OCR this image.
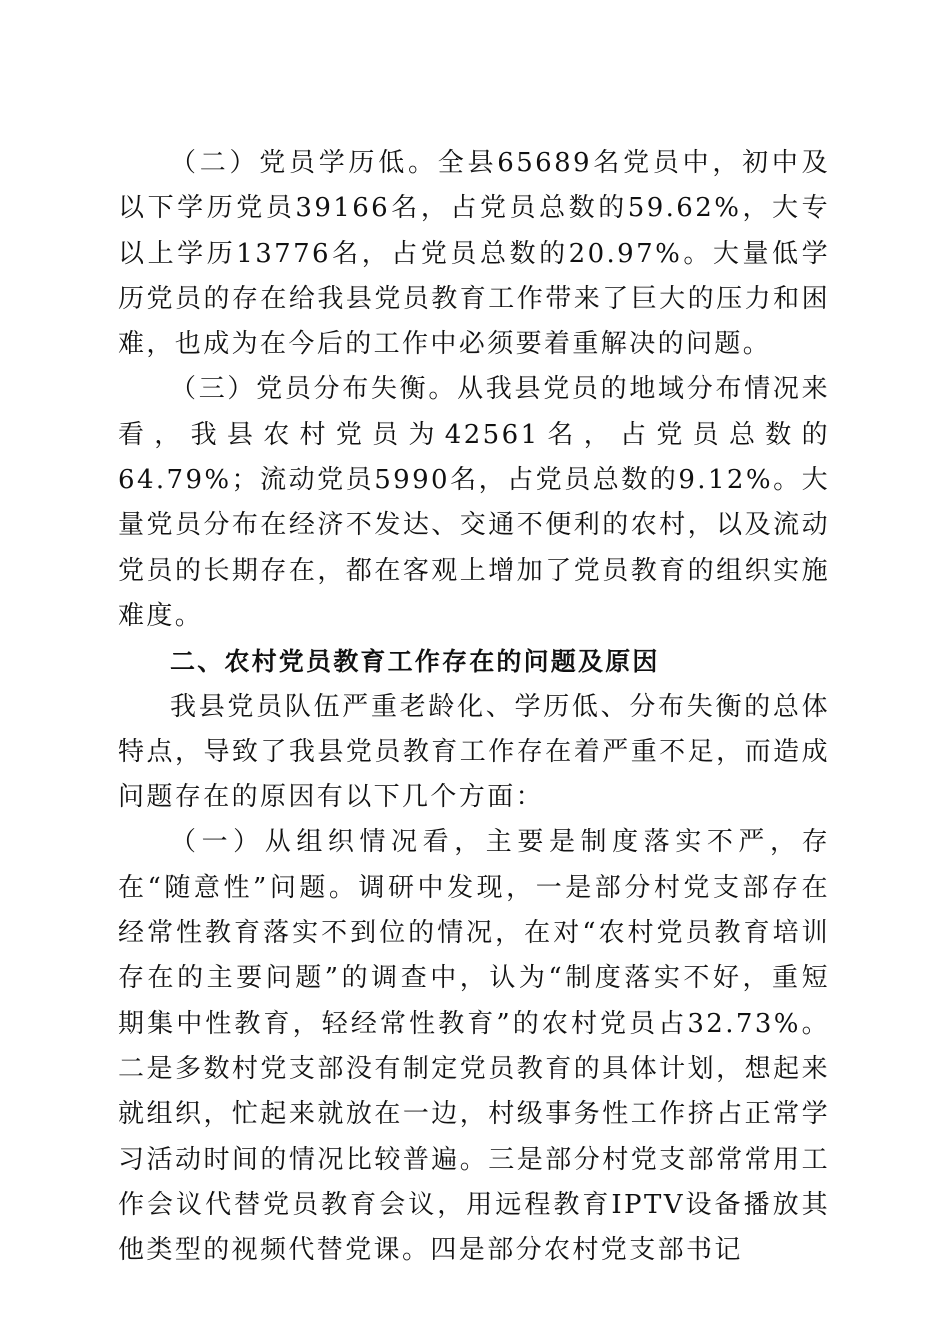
（二）党员学历低。全县65689名党员中，初中及以下学历党员39166名，占党员总数的59.62%，大专以上学历13776名，占党员总数的20.97%。大量低学历党员的存在给我县党员教育工作带来了巨大的压力和困难，也成为在今后的工作中必须要着重解决的问题。

（三）党员分布失衡。从我县党员的地域分布情况来看，我县农村党员为42561名，占党员总数的64.79%；流动党员5990名，占党员总数的9.12%。大量党员分布在经济不发达、交通不便利的农村，以及流动党员的长期存在，都在客观上增加了党员教育的组织实施难度。

二、农村党员教育工作存在的问题及原因

我县党员队伍严重老龄化、学历低、分布失衡的总体特点，导致了我县党员教育工作存在着严重不足，而造成问题存在的原因有以下几个方面：

（一）从组织情况看，主要是制度落实不严，存在“随意性”问题。调研中发现，一是部分村党支部存在经常性教育落实不到位的情况，在对“农村党员教育培训存在的主要问题”的调查中，认为“制度落实不好，重短期集中性教育，轻经常性教育”的农村党员占32.73%。二是多数村党支部没有制定党员教育的具体计划，想起来就组织，忙起来就放在一边，村级事务性工作挤占正常学习活动时间的情况比较普遍。三是部分村党支部常常用工作会议代替党员教育会议，用远程教育IPTV设备播放其他类型的视频代替党课。四是部分农村党支部书记
